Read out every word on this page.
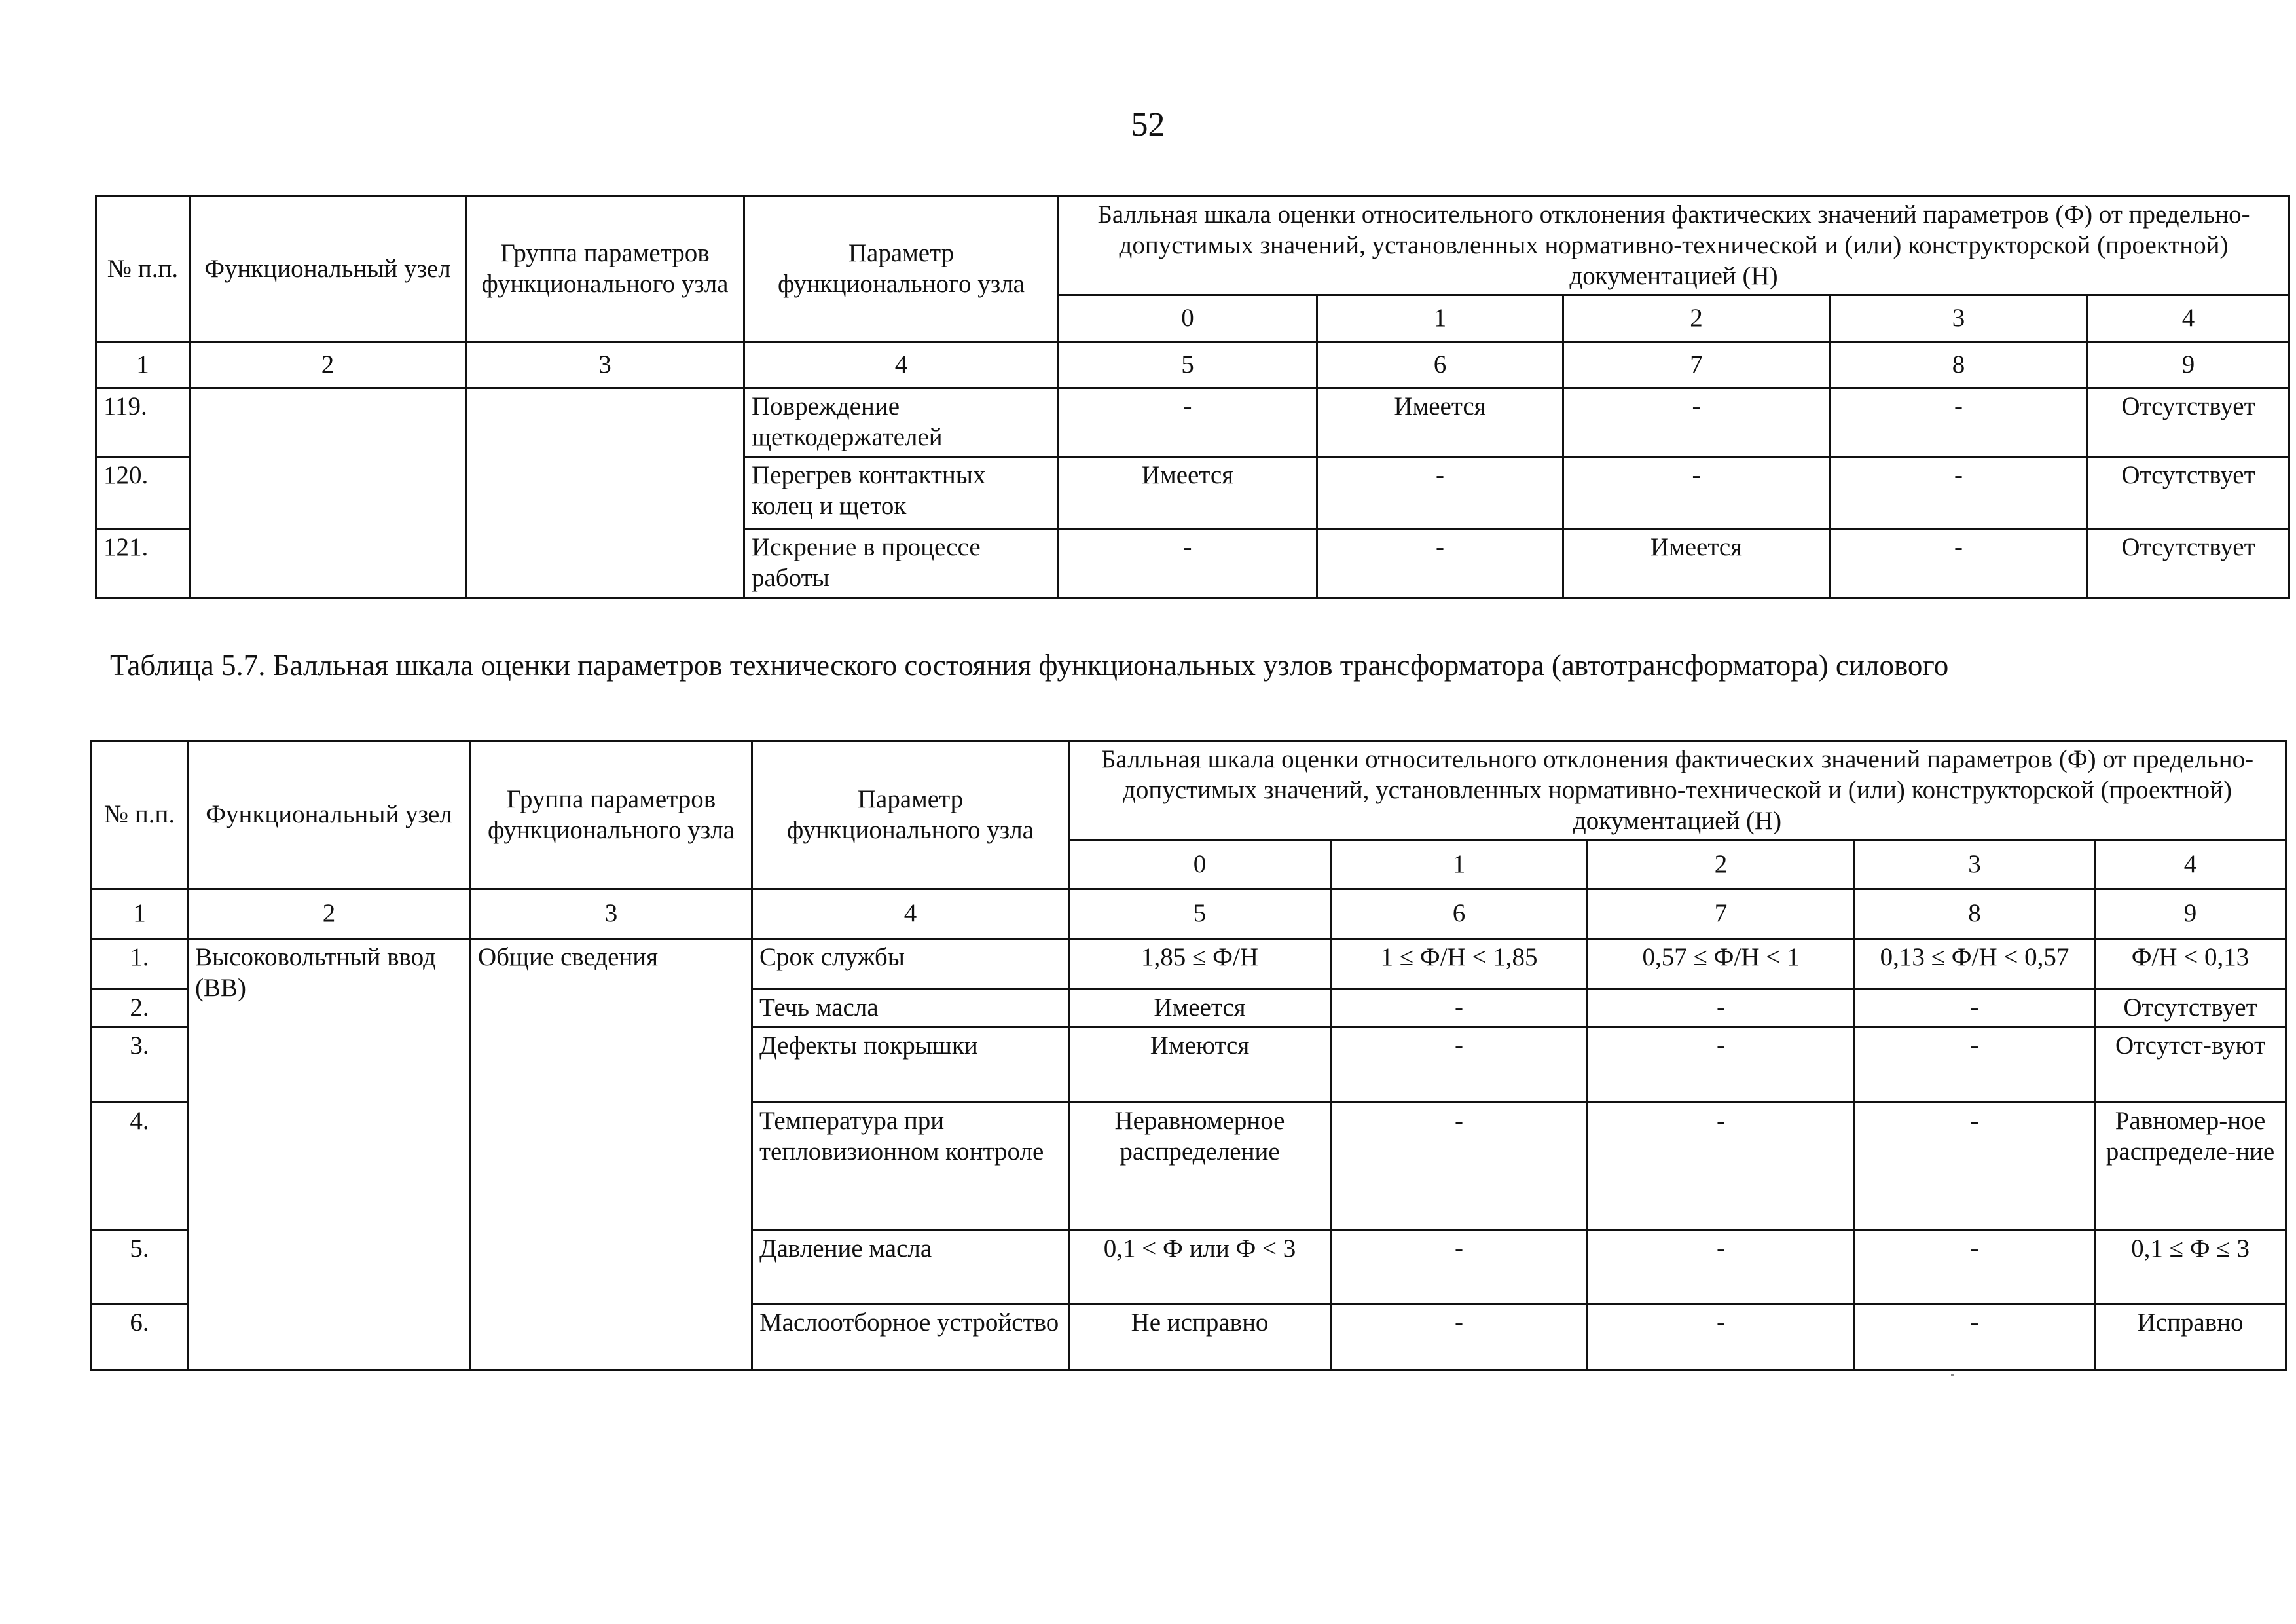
52
№ п.п.	Функциональный узел	Группа параметров функционального узла	Параметр функционального узла	Балльная шкала оценки относительного отклонения фактических значений параметров (Ф) от предельно-допустимых значений, установленных нормативно-технической и (или) конструкторской (проектной) документацией (Н)				
				0	1	2	3	4
1	2	3	4	5	6	7	8	9
119.			Повреждение щеткодержателей	-	Имеется	-	-	Отсутствует
120.			Перегрев контактных колец и щеток	Имеется	-	-	-	Отсутствует
121.			Искрение в процессе работы	-	-	Имеется	-	Отсутствует
Таблица 5.7. Балльная шкала оценки параметров технического состояния функциональных узлов трансформатора (автотрансформатора) силового
№ п.п.	Функциональный узел	Группа параметров функционального узла	Параметр функционального узла	Балльная шкала оценки относительного отклонения фактических значений параметров (Ф) от предельно-допустимых значений, установленных нормативно-технической и (или) конструкторской (проектной) документацией (Н)				
				0	1	2	3	4
1	2	3	4	5	6	7	8	9
1.	Высоковольтный ввод (ВВ)	Общие сведения	Срок службы	1,85 ≤ Ф/Н	1 ≤ Ф/Н < 1,85	0,57 ≤ Ф/Н < 1	0,13 ≤ Ф/Н < 0,57	Ф/Н < 0,13
2.			Течь масла	Имеется	-	-	-	Отсутствует
3.			Дефекты покрышки	Имеются	-	-	-	Отсутст-вуют
4.			Температура при тепловизионном контроле	Неравномерное распределение	-	-	-	Равномер-ное распределе-ние
5.			Давление масла	0,1 < Ф или Ф < 3	-	-	-	0,1 ≤ Ф ≤ 3
6.			Маслоотборное устройство	Не исправно	-	-	-	Исправно
